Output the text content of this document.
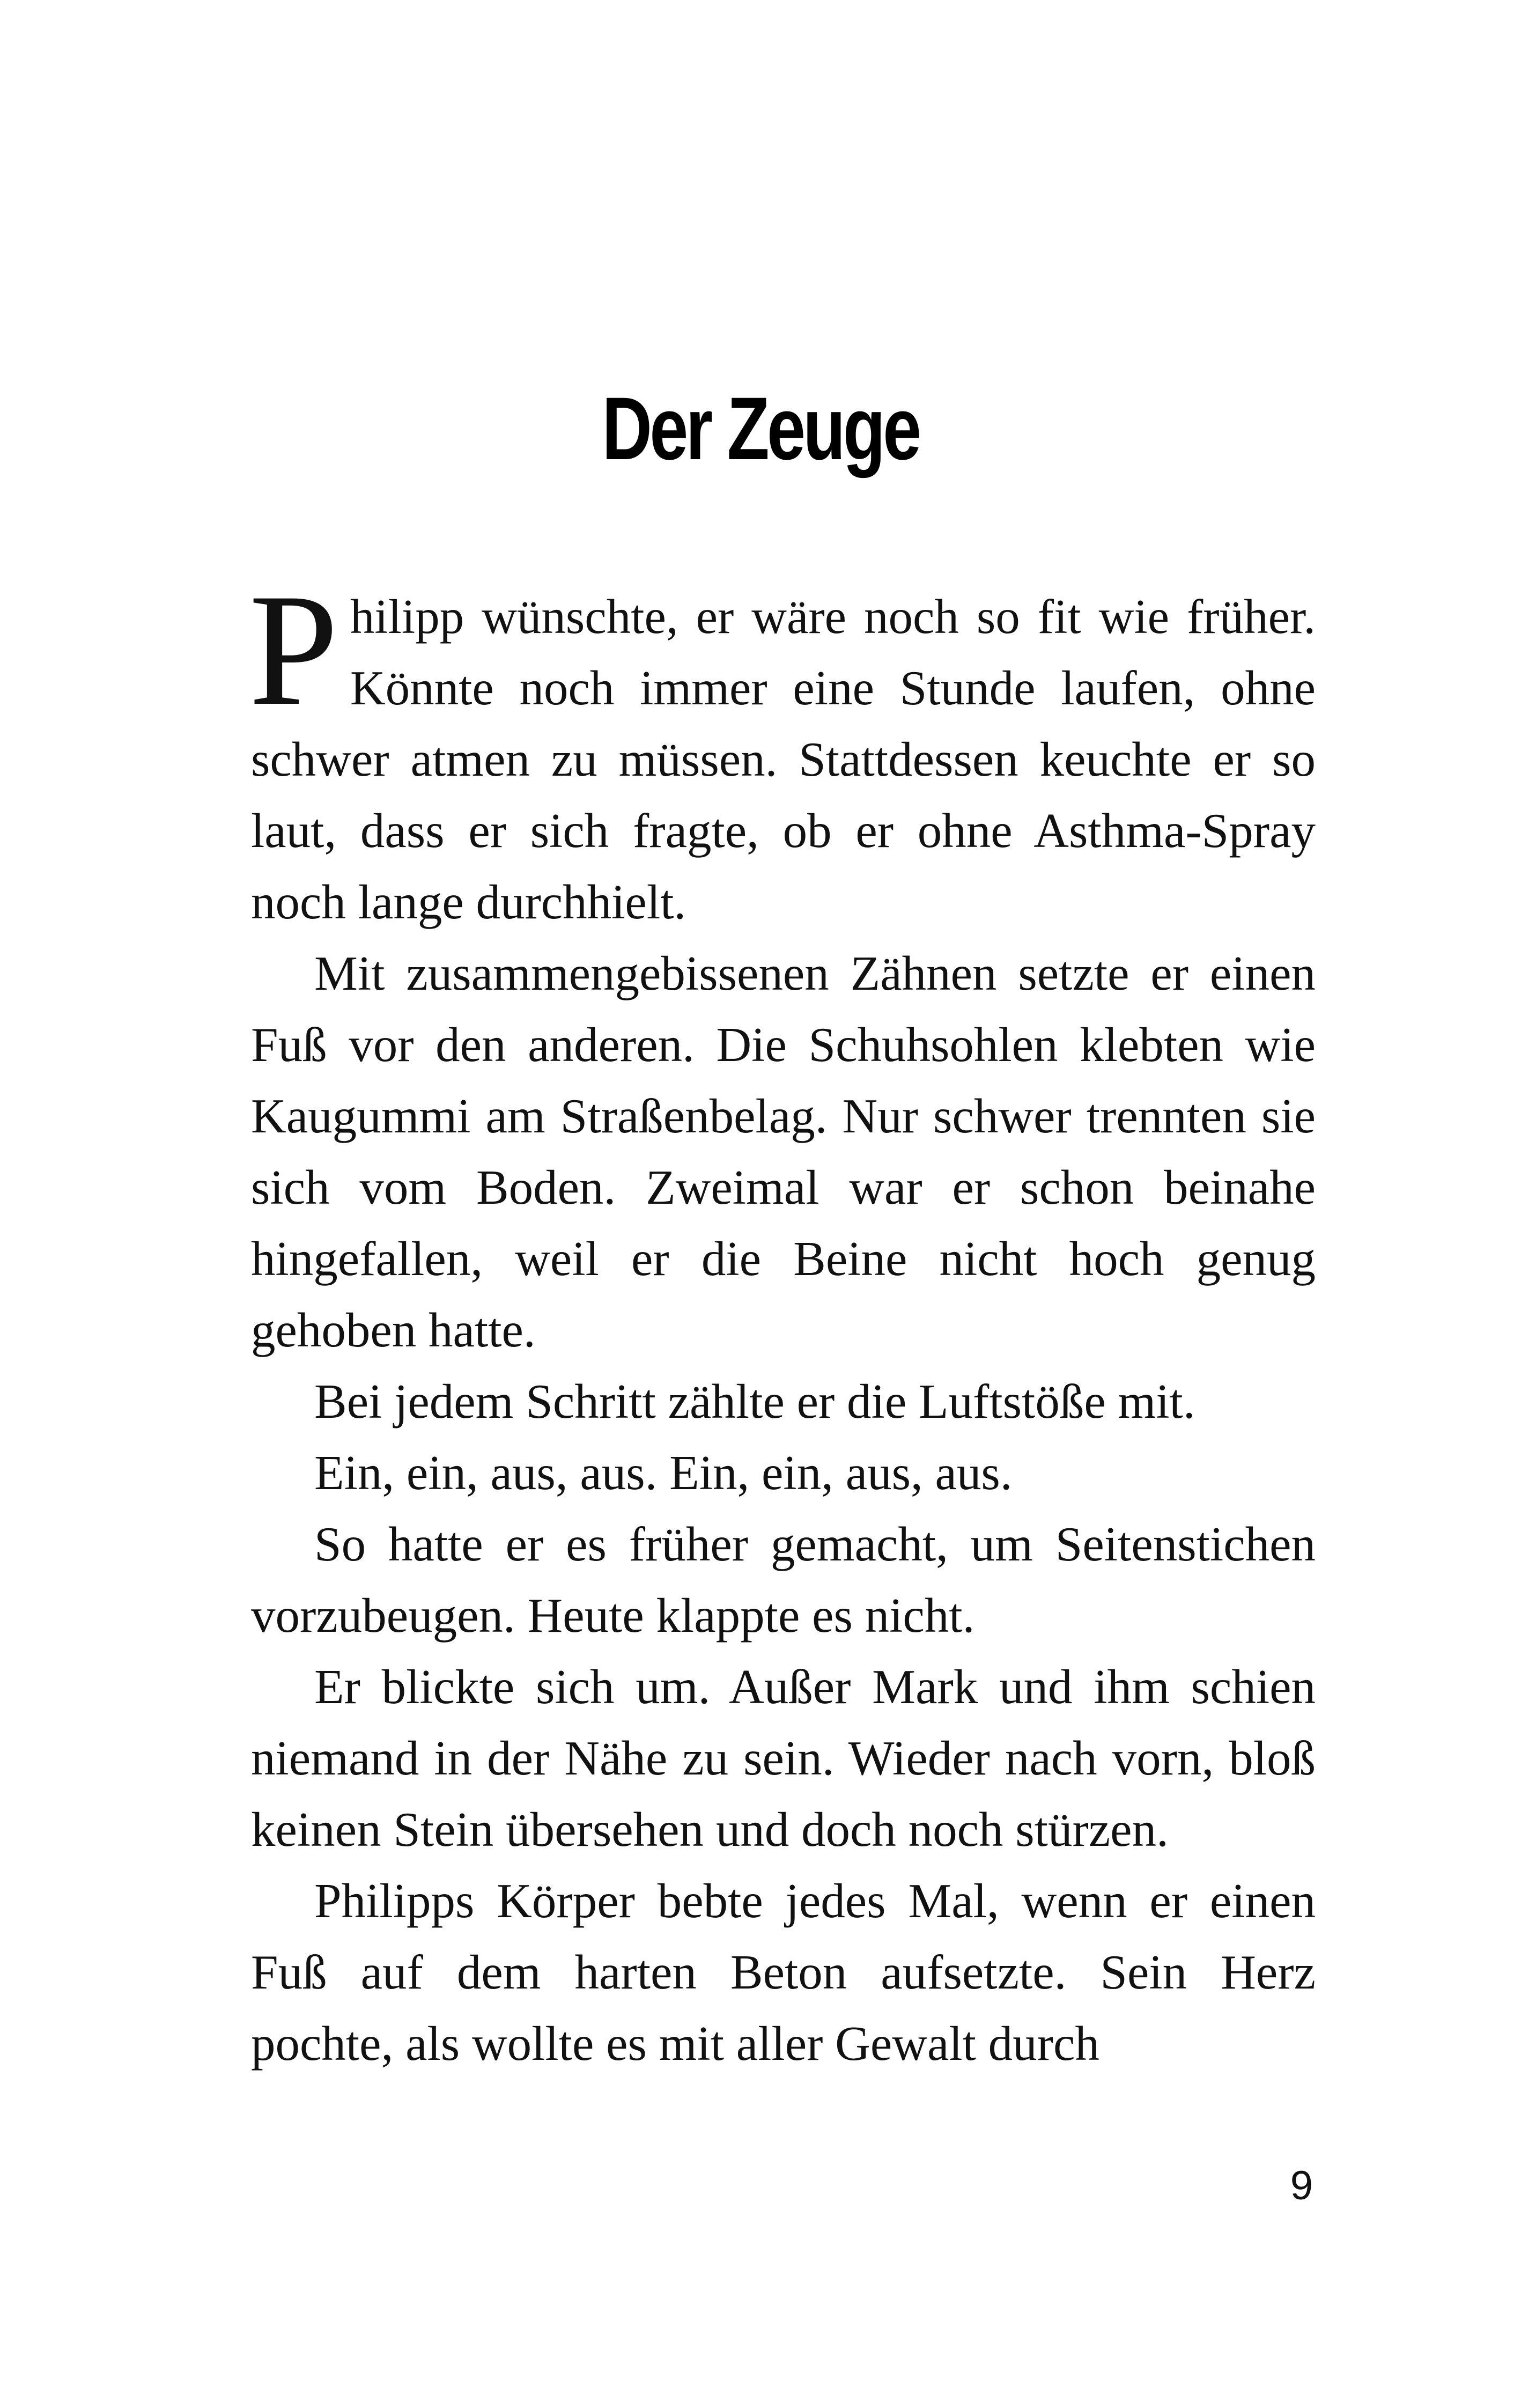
Der Zeuge

Philipp wünschte, er wäre noch so fit wie früher. Könnte noch immer eine Stunde laufen, ohne schwer atmen zu müssen. Stattdessen keuchte er so laut, dass er sich fragte, ob er ohne Asthma-Spray noch lange durchhielt.

Mit zusammengebissenen Zähnen setzte er einen Fuß vor den anderen. Die Schuhsohlen klebten wie Kaugummi am Straßenbelag. Nur schwer trennten sie sich vom Boden. Zweimal war er schon beinahe hingefallen, weil er die Beine nicht hoch genug gehoben hatte.

Bei jedem Schritt zählte er die Luftstöße mit.

Ein, ein, aus, aus. Ein, ein, aus, aus.

So hatte er es früher gemacht, um Seitenstichen vorzubeugen. Heute klappte es nicht.

Er blickte sich um. Außer Mark und ihm schien niemand in der Nähe zu sein. Wieder nach vorn, bloß keinen Stein übersehen und doch noch stürzen.

Philipps Körper bebte jedes Mal, wenn er einen Fuß auf dem harten Beton aufsetzte. Sein Herz pochte, als wollte es mit aller Gewalt durch

9
